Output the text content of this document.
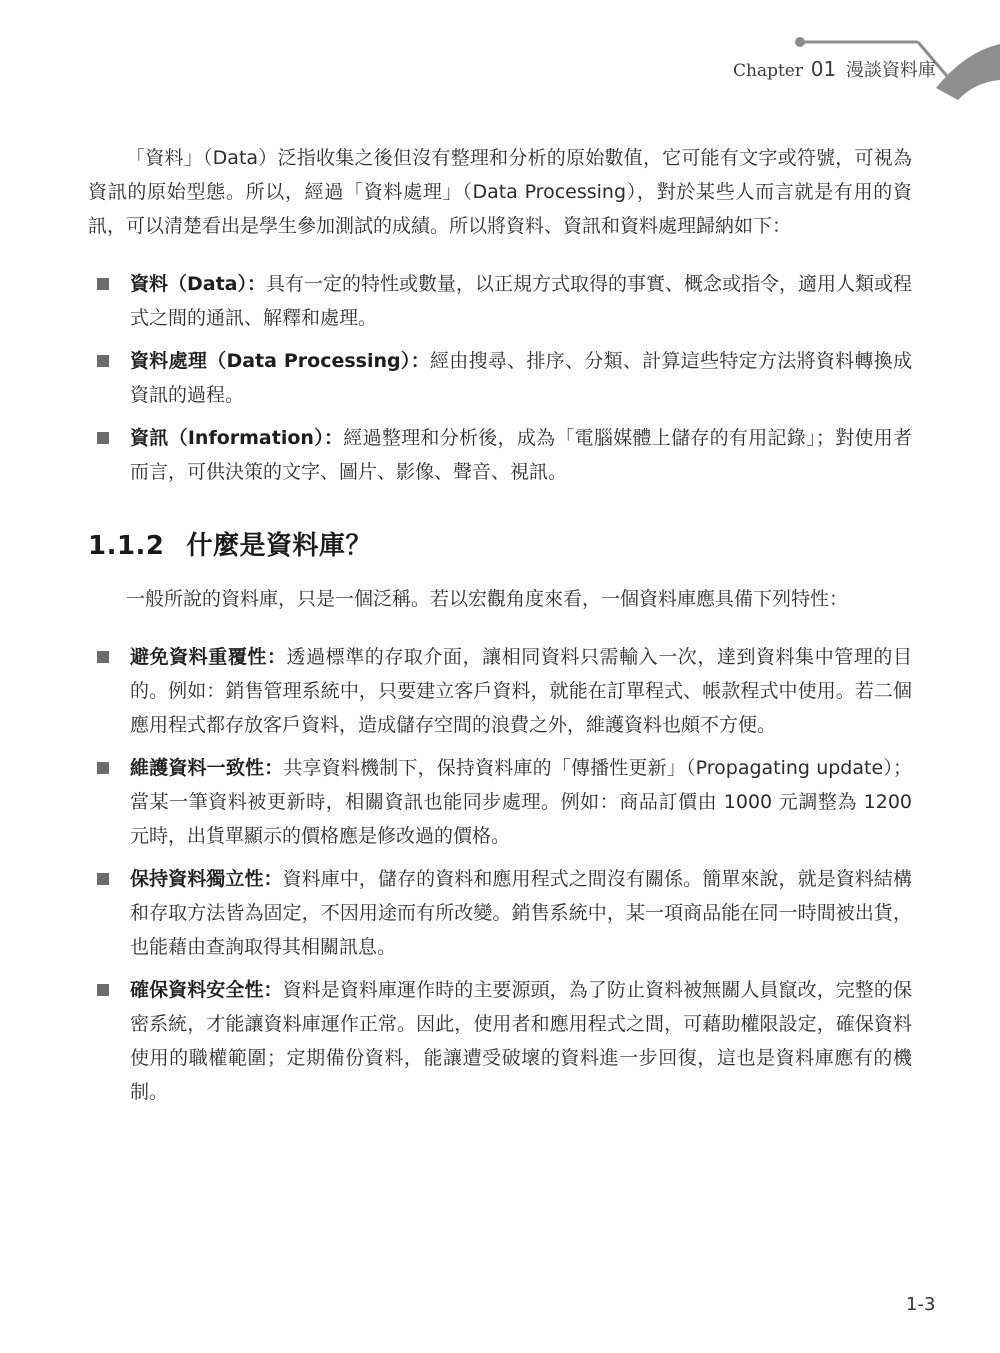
Chapter 01 漫談資料庫

「資料」（Data）泛指收集之後但沒有整理和分析的原始數值，它可能有文字或符號，可視為資訊的原始型態。所以，經過「資料處理」（Data Processing），對於某些人而言就是有用的資訊，可以清楚看出是學生參加測試的成績。所以將資料、資訊和資料處理歸納如下：

資料（Data）：具有一定的特性或數量，以正規方式取得的事實、概念或指令，適用人類或程式之間的通訊、解釋和處理。
資料處理（Data Processing）：經由搜尋、排序、分類、計算這些特定方法將資料轉換成資訊的過程。
資訊（Information）：經過整理和分析後，成為「電腦媒體上儲存的有用記錄」；對使用者而言，可供決策的文字、圖片、影像、聲音、視訊。
1.1.2 什麼是資料庫？

一般所說的資料庫，只是一個泛稱。若以宏觀角度來看，一個資料庫應具備下列特性：

避免資料重覆性：透過標準的存取介面，讓相同資料只需輸入一次，達到資料集中管理的目的。例如：銷售管理系統中，只要建立客戶資料，就能在訂單程式、帳款程式中使用。若二個應用程式都存放客戶資料，造成儲存空間的浪費之外，維護資料也頗不方便。
維護資料一致性：共享資料機制下，保持資料庫的「傳播性更新」（Propagating update）；當某一筆資料被更新時，相關資訊也能同步處理。例如：商品訂價由 1000 元調整為 1200 元時，出貨單顯示的價格應是修改過的價格。
保持資料獨立性：資料庫中，儲存的資料和應用程式之間沒有關係。簡單來說，就是資料結構和存取方法皆為固定，不因用途而有所改變。銷售系統中，某一項商品能在同一時間被出貨，也能藉由查詢取得其相關訊息。
確保資料安全性：資料是資料庫運作時的主要源頭，為了防止資料被無關人員竄改，完整的保密系統，才能讓資料庫運作正常。因此，使用者和應用程式之間，可藉助權限設定，確保資料使用的職權範圍；定期備份資料，能讓遭受破壞的資料進一步回復，這也是資料庫應有的機制。
1-3
